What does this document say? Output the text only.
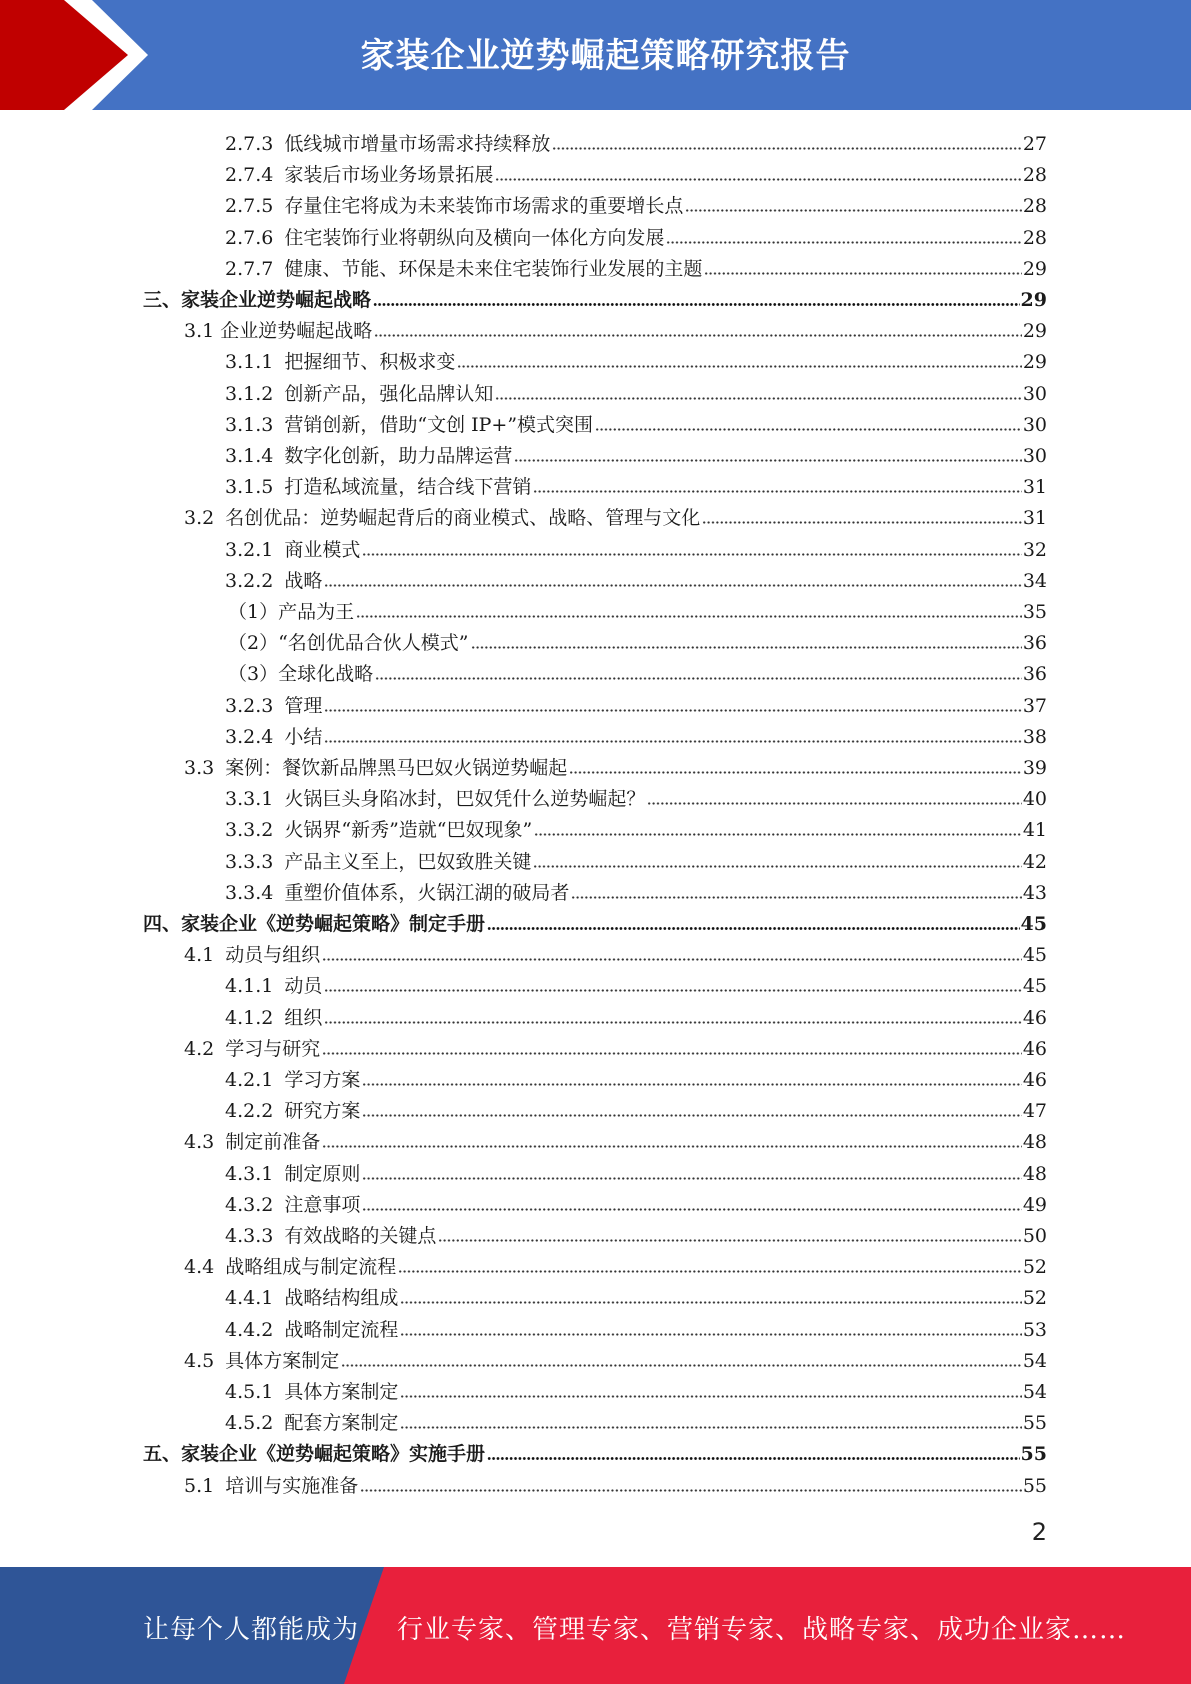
家装企业逆势崛起策略研究报告
2.7.3 低线城市增量市场需求持续释放	27
2.7.4 家装后市场业务场景拓展	28
2.7.5 存量住宅将成为未来装饰市场需求的重要增长点	28
2.7.6 住宅装饰行业将朝纵向及横向一体化方向发展	28
2.7.7 健康、节能、环保是未来住宅装饰行业发展的主题	29
三、家装企业逆势崛起战略	29
3.1 企业逆势崛起战略	29
3.1.1 把握细节、积极求变	29
3.1.2 创新产品，强化品牌认知	30
3.1.3 营销创新，借助“文创 IP+”模式突围	30
3.1.4 数字化创新，助力品牌运营	30
3.1.5 打造私域流量，结合线下营销	31
3.2 名创优品：逆势崛起背后的商业模式、战略、管理与文化	31
3.2.1 商业模式	32
3.2.2 战略	34
（1）产品为王	35
（2）“名创优品合伙人模式”	36
（3）全球化战略	36
3.2.3 管理	37
3.2.4 小结	38
3.3 案例：餐饮新品牌黑马巴奴火锅逆势崛起	39
3.3.1 火锅巨头身陷冰封，巴奴凭什么逆势崛起？	40
3.3.2 火锅界“新秀”造就“巴奴现象”	41
3.3.3 产品主义至上，巴奴致胜关键	42
3.3.4 重塑价值体系，火锅江湖的破局者	43
四、家装企业《逆势崛起策略》制定手册	45
4.1 动员与组织	45
4.1.1 动员	45
4.1.2 组织	46
4.2 学习与研究	46
4.2.1 学习方案	46
4.2.2 研究方案	47
4.3 制定前准备	48
4.3.1 制定原则	48
4.3.2 注意事项	49
4.3.3 有效战略的关键点	50
4.4 战略组成与制定流程	52
4.4.1 战略结构组成	52
4.4.2 战略制定流程	53
4.5 具体方案制定	54
4.5.1 具体方案制定	54
4.5.2 配套方案制定	55
五、家装企业《逆势崛起策略》实施手册	55
5.1 培训与实施准备	55
2
让每个人都能成为 行业专家、管理专家、营销专家、战略专家、成功企业家……
